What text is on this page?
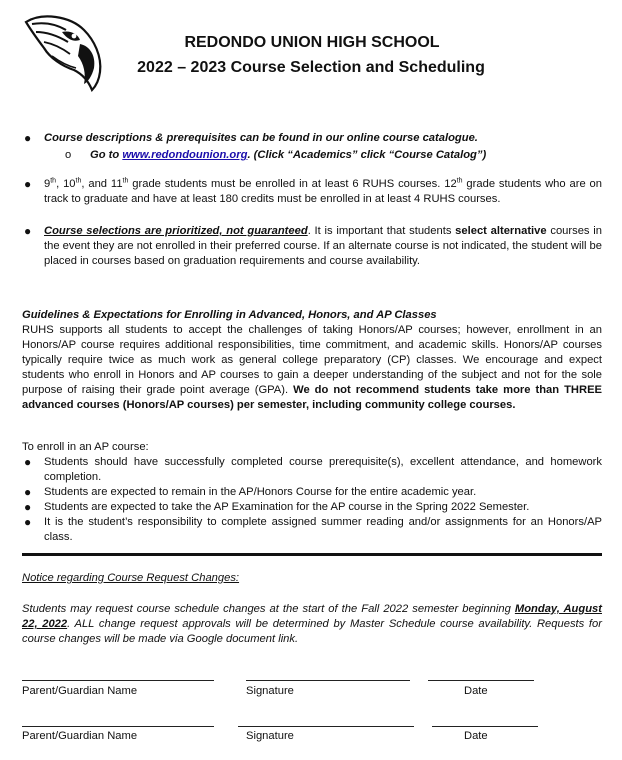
REDONDO UNION HIGH SCHOOL
2022 – 2023 Course Selection and Scheduling
● Course descriptions & prerequisites can be found in our online course catalogue.
o Go to www.redondounion.org. (Click “Academics” click “Course Catalog”)
● 9th, 10th, and 11th grade students must be enrolled in at least 6 RUHS courses. 12th grade students who are on track to graduate and have at least 180 credits must be enrolled in at least 4 RUHS courses.
● Course selections are prioritized, not guaranteed. It is important that students select alternative courses in the event they are not enrolled in their preferred course. If an alternate course is not indicated, the student will be placed in courses based on graduation requirements and course availability.
Guidelines & Expectations for Enrolling in Advanced, Honors, and AP Classes
RUHS supports all students to accept the challenges of taking Honors/AP courses; however, enrollment in an Honors/AP course requires additional responsibilities, time commitment, and academic skills. Honors/AP courses typically require twice as much work as general college preparatory (CP) classes. We encourage and expect students who enroll in Honors and AP courses to gain a deeper understanding of the subject and not for the sole purpose of raising their grade point average (GPA). We do not recommend students take more than THREE advanced courses (Honors/AP courses) per semester, including community college courses.
To enroll in an AP course:
● Students should have successfully completed course prerequisite(s), excellent attendance, and homework completion.
● Students are expected to remain in the AP/Honors Course for the entire academic year.
● Students are expected to take the AP Examination for the AP course in the Spring 2022 Semester.
● It is the student’s responsibility to complete assigned summer reading and/or assignments for an Honors/AP class.
Notice regarding Course Request Changes:
Students may request course schedule changes at the start of the Fall 2022 semester beginning Monday, August 22, 2022. ALL change request approvals will be determined by Master Schedule course availability. Requests for course changes will be made via Google document link.
Parent/Guardian Name	Signature	Date
Parent/Guardian Name	Signature	Date
